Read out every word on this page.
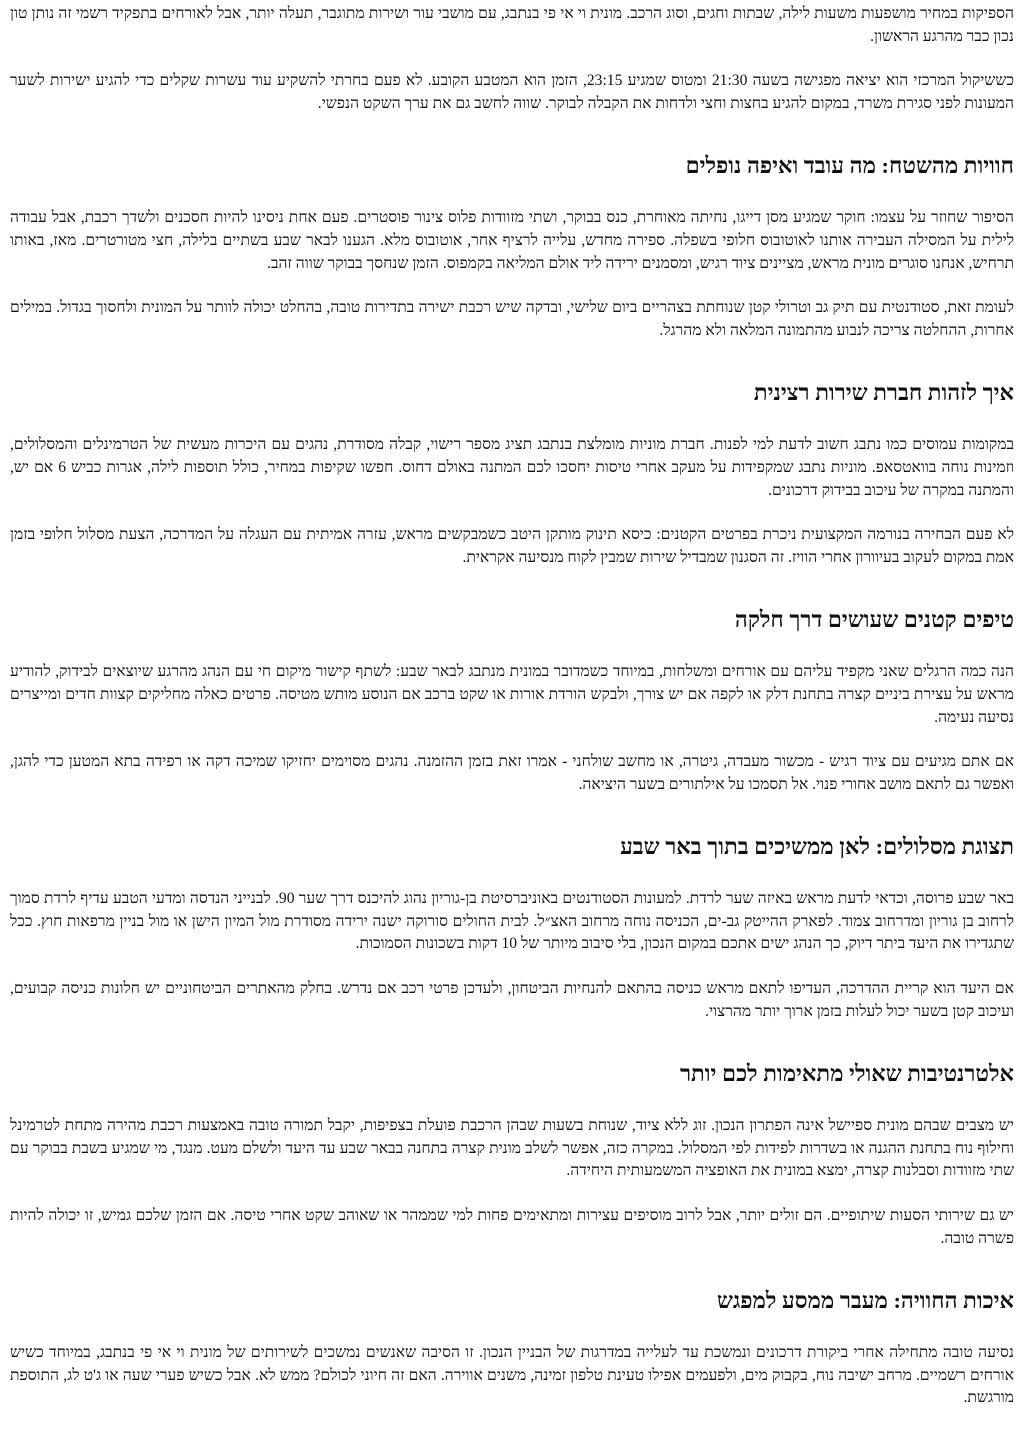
הספיקות במחיר מושפעות משעות לילה, שבתות וחגים, וסוג הרכב. מונית וי אי פי בנתבג, עם מושבי עור ושירות מתוגבר, תעלה יותר, אבל לאורחים בתפקיד רשמי זה נותן טון נכון כבר מהרגע הראשון.

כששיקול המרכזי הוא יציאה מפגישה בשעה 21:30 ומטוס שמגיע 23:15, הזמן הוא המטבע הקובע. לא פעם בחרתי להשקיע עוד עשרות שקלים כדי להגיע ישירות לשער המעונות לפני סגירת משרד, במקום להגיע בחצות וחצי ולדחות את הקבלה לבוקר. שווה לחשב גם את ערך השקט הנפשי.

חוויות מהשטח: מה עובד ואיפה נופלים

הסיפור שחוזר על עצמו: חוקר שמגיע מסן דייגו, נחיתה מאוחרת, כנס בבוקר, ושתי מזוודות פלוס צינור פוסטרים. פעם אחת ניסינו להיות חסכנים ולשדך רכבת, אבל עבודה לילית על המסילה העבירה אותנו לאוטובוס חלופי בשפלה. ספירה מחדש, עלייה לרציף אחר, אוטובוס מלא. הגענו לבאר שבע בשתיים בלילה, חצי מטורטרים. מאז, באותו תרחיש, אנחנו סוגרים מונית מראש, מציינים ציוד רגיש, ומסמנים ירידה ליד אולם המליאה בקמפוס. הזמן שנחסך בבוקר שווה זהב.

לעומת זאת, סטודנטית עם תיק גב וטרולי קטן שנוחתת בצהריים ביום שלישי, ובדקה שיש רכבת ישירה בתדירות טובה, בהחלט יכולה לוותר על המונית ולחסוך בגדול. במילים אחרות, ההחלטה צריכה לנבוע מהתמונה המלאה ולא מהרגל.

איך לזהות חברת שירות רצינית

במקומות עמוסים כמו נתבג חשוב לדעת למי לפנות. חברת מוניות מומלצת בנתבג תציג מספר רישוי, קבלה מסודרת, נהגים עם היכרות מעשית של הטרמינלים והמסלולים, וזמינות נוחה בוואטסאפ. מוניות נתבג שמקפידות על מעקב אחרי טיסות יחסכו לכם המתנה באולם דחוס. חפשו שקיפות במחיר, כולל תוספות לילה, אגרות כביש 6 אם יש, והמתנה במקרה של עיכוב בבידוק דרכונים.

לא פעם הבחירה בנורמה המקצועית ניכרת בפרטים הקטנים: כיסא תינוק מותקן היטב כשמבקשים מראש, עזרה אמיתית עם העגלה על המדרכה, הצעת מסלול חלופי בזמן אמת במקום לעקוב בעיוורון אחרי הוויז. זה הסגנון שמבדיל שירות שמבין לקוח מנסיעה אקראית.

טיפים קטנים שעושים דרך חלקה

הנה כמה הרגלים שאני מקפיד עליהם עם אורחים ומשלחות, במיוחד כשמדובר במונית מנתבג לבאר שבע: לשתף קישור מיקום חי עם הנהג מהרגע שיוצאים לבידוק, להודיע מראש על עצירת ביניים קצרה בתחנת דלק או לקפה אם יש צורך, ולבקש הורדת אורות או שקט ברכב אם הנוסע מותש מטיסה. פרטים כאלה מחליקים קצוות חדים ומייצרים נסיעה נעימה.

אם אתם מגיעים עם ציוד רגיש - מכשור מעבדה, גיטרה, או מחשב שולחני - אמרו זאת בזמן ההזמנה. נהגים מסוימים יחזיקו שמיכה דקה או רפידה בתא המטען כדי להגן, ואפשר גם לתאם מושב אחורי פנוי. אל תסמכו על אילתורים בשער היציאה.

תצוגת מסלולים: לאן ממשיכים בתוך באר שבע

באר שבע פרוסה, וכדאי לדעת מראש באיזה שער לרדת. למעונות הסטודנטים באוניברסיטת בן-גוריון נהוג להיכנס דרך שער 90. לבנייני הנדסה ומדעי הטבע עדיף לרדת סמוך לרחוב בן גוריון ומדרחוב צמוד. לפארק ההייטק גב-ים, הכניסה נוחה מרחוב האצ״ל. לבית החולים סורוקה ישנה ירידה מסודרת מול המיון הישן או מול בניין מרפאות חוץ. ככל שתגדירו את היעד ביתר דיוק, כך הנהג ישים אתכם במקום הנכון, בלי סיבוב מיותר של 10 דקות בשכונות הסמוכות.

אם היעד הוא קריית ההדרכה, העדיפו לתאם מראש כניסה בהתאם להנחיות הביטחון, ולעדכן פרטי רכב אם נדרש. בחלק מהאתרים הביטחוניים יש חלונות כניסה קבועים, ועיכוב קטן בשער יכול לעלות בזמן ארוך יותר מהרצוי.

אלטרנטיבות שאולי מתאימות לכם יותר

יש מצבים שבהם מונית ספיישל אינה הפתרון הנכון. זוג ללא ציוד, שנוחת בשעות שבהן הרכבת פועלת בצפיפות, יקבל תמורה טובה באמצעות רכבת מהירה מתחת לטרמינל וחילוף נוח בתחנת ההגנה או בשדרות לפידות לפי המסלול. במקרה כזה, אפשר לשלב מונית קצרה בתחנה בבאר שבע עד היעד ולשלם מעט. מנגד, מי שמגיע בשבת בבוקר עם שתי מזוודות וסבלנות קצרה, ימצא במונית את האופציה המשמעותית היחידה.

יש גם שירותי הסעות שיתופיים. הם זולים יותר, אבל לרוב מוסיפים עצירות ומתאימים פחות למי שממהר או שאוהב שקט אחרי טיסה. אם הזמן שלכם גמיש, זו יכולה להיות פשרה טובה.

איכות החוויה: מעבר ממסע למפגש

נסיעה טובה מתחילה אחרי ביקורת דרכונים ונמשכת עד לעלייה במדרגות של הבניין הנכון. זו הסיבה שאנשים נמשכים לשירותים של מונית וי אי פי בנתבג, במיוחד כשיש אורחים רשמיים. מרחב ישיבה נוח, בקבוק מים, ולפעמים אפילו טעינת טלפון זמינה, משנים אווירה. האם זה חיוני לכולם? ממש לא. אבל כשיש פערי שעה או ג'ט לג, התוספת מורגשת.
